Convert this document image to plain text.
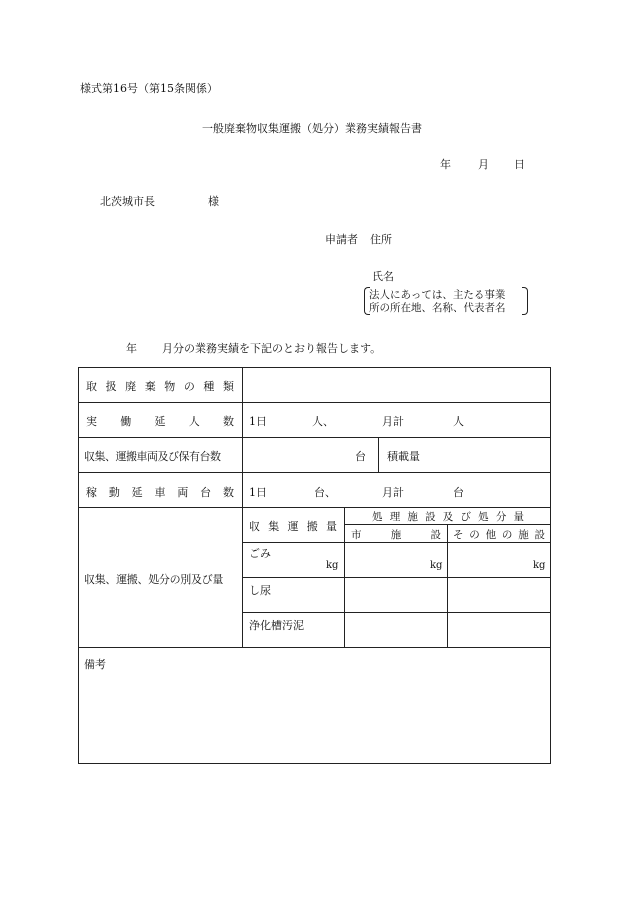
様式第16号（第15条関係）
一般廃棄物収集運搬（処分）業務実績報告書
年 月 日
北茨城市長	様
申請者 住所
氏名
法人にあっては、主たる事業
所の所在地、名称、代表者名
年 月分の業務実績を下記のとおり報告します。
取 扱 廃 棄 物 の 種 類
実 働 延 人 数 1日	人、	月計	人
収集、運搬車両及び保有台数	台 積載量
稼 動 延 車 両 台 数 1日	台、	月計	台
収集、運搬、処分の別及び量
収 集 運 搬 量
処 理 施 設 及 び 処 分 量
市	施	設 そ の 他 の 施 設
ごみ
kg	kg	kg
し尿
浄化槽汚泥
備考
